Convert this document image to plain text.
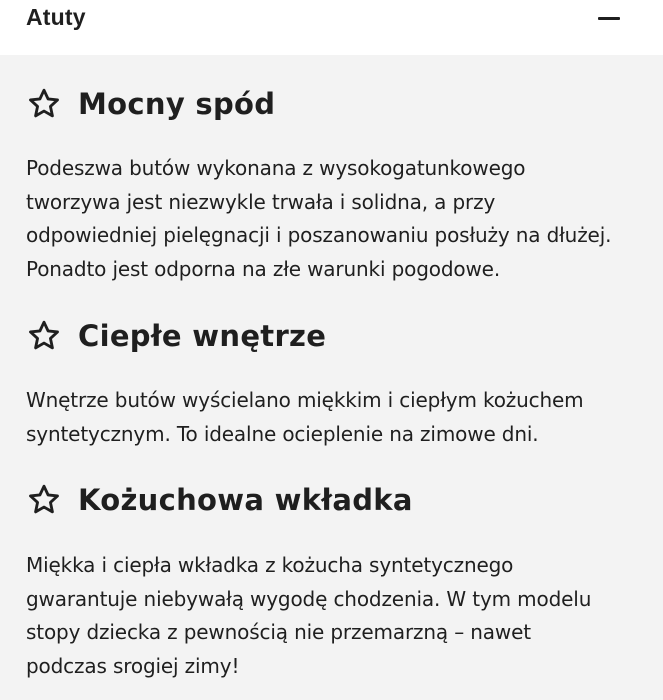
Atuty
Mocny spód
Podeszwa butów wykonana z wysokogatunkowego
tworzywa jest niezwykle trwała i solidna, a przy
odpowiedniej pielęgnacji i poszanowaniu posłuży na dłużej.
Ponadto jest odporna na złe warunki pogodowe.
Ciepłe wnętrze
Wnętrze butów wyścielano miękkim i ciepłym kożuchem
syntetycznym. To idealne ocieplenie na zimowe dni.
Kożuchowa wkładka
Miękka i ciepła wkładka z kożucha syntetycznego
gwarantuje niebywałą wygodę chodzenia. W tym modelu
stopy dziecka z pewnością nie przemarzną – nawet
podczas srogiej zimy!
